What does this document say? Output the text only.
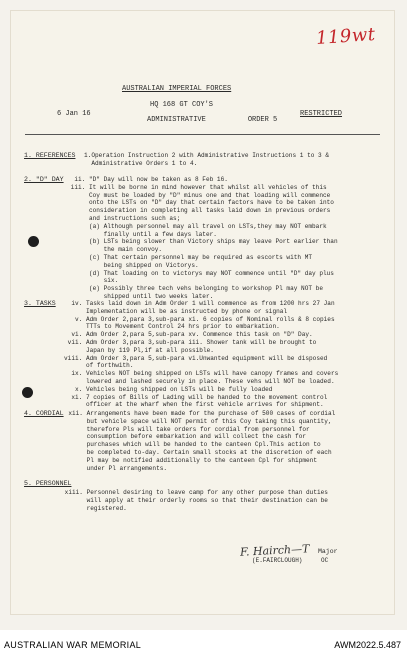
119wt
AUSTRALIAN IMPERIAL FORCES
HQ 168 GT COY'S
6 Jan 16	RESTRICTED
ADMINISTRATIVE          ORDER 5
1. REFERENCES 1.Operation Instruction 2 with Administrative Instructions 1 to 3 &
Administrative Orders 1 to 4.
2. "D" DAY	ii. "D" Day will now be taken as 8 Feb 16.
iii. It will be borne in mind however that whilst all vehicles of this
Coy must be loaded by "D" minus one and that loading will commence
onto the LSTs on "D" day that certain factors have to be taken into
consideration in completing all tasks laid down in previous orders
and instructions such as;
(a) Although personnel may all travel on LSTs,they may NOT embark
finally until a few days later.
(b) LSTs being slower than Victory ships may leave Port earlier than
the main convoy.
(c) That certain personnel may be required as escorts with MT
being shipped on Victorys.
(d) That loading on to victorys may NOT commence until "D" day plus
six.
(e) Possibly three tech vehs belonging to workshop Pl may NOT be
shipped until two weeks later.
3. TASKS	iv. Tasks laid down in Adm Order 1 will commence as from 1200 hrs 27 Jan
Implementation will be as instructed by phone or signal
v. Adm Order 2,para 3,sub-para xi. 6 copies of Nominal rolls & 8 copies
TTTs to Movement Control 24 hrs prior to embarkation.
vi. Adm Order 2,para 5,sub-para xv. Commence this task on "D" Day.
vii. Adm Order 3,para 3,sub-para iii. Shower tank will be brought to
Japan by 119 Pl,if at all possible.
viii. Adm Order 3,para 5,sub-para vi.Unwanted equipment will be disposed
of forthwith.
ix. Vehicles NOT being shipped on LSTs will have canopy frames and covers
lowered and lashed securely in place. These vehs will NOT be loaded.
x. Vehicles being shipped on LSTs will be fully loaded
xi. 7 copies of Bills of Lading will be handed to the movement control
officer at the wharf when the first vehicle arrives for shipment.
4. CORDIAL xii. Arrangements have been made for the purchase of 500 cases of cordial
but vehicle space will NOT permit of this Coy taking this quantity,
therefore Pls will take orders for cordial from personnel for
consumption before embarkation and will collect the cash for
purchases which will be handed to the canteen Cpl.This action to
be completed to-day. Certain small stocks at the discretion of each
Pl may be notified additionally to the canteen Cpl for shipment
under Pl arrangements.
5. PERSONNEL
xiii. Personnel desiring to leave camp for any other purpose than duties
will apply at their orderly rooms so that their destination can be
registered.
F. Hairch—T Major
(E.FAIRCLOUGH)	OC
AUSTRALIAN WAR MEMORIAL	AWM2022.5.487
